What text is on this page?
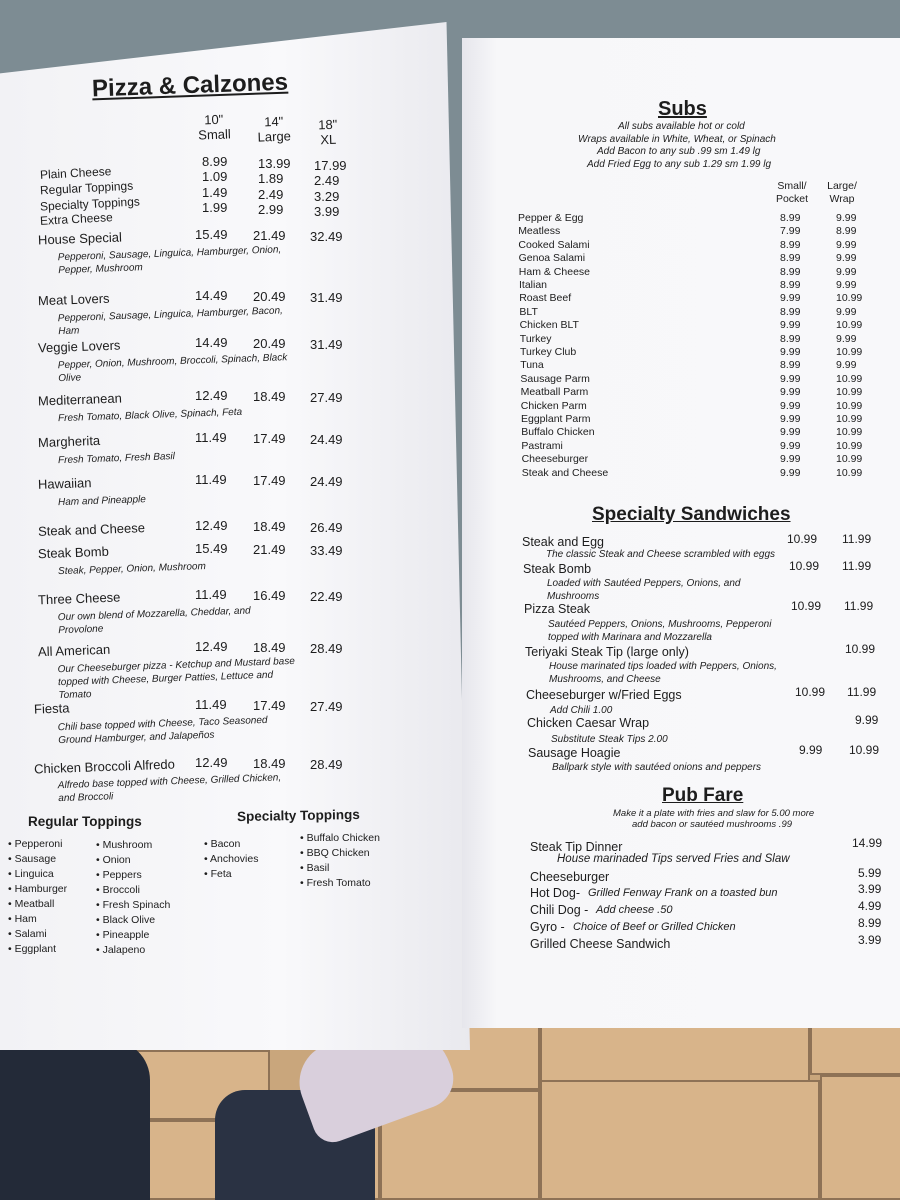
Pizza & Calzones
10" Small
14" Large
18" XL
Plain Cheese
8.99 13.99 17.99
Regular Toppings
1.09 1.89 2.49
Specialty Toppings
1.49 2.49 3.29
Extra Cheese
1.99 2.99 3.99
House Special	15.49 21.49 32.49
Pepperoni, Sausage, Linguica, Hamburger, Onion, Pepper, Mushroom
Meat Lovers	14.49 20.49 31.49
Pepperoni, Sausage, Linguica, Hamburger, Bacon, Ham
Veggie Lovers	14.49 20.49 31.49
Pepper, Onion, Mushroom, Broccoli, Spinach, Black Olive
Mediterranean	12.49 18.49 27.49
Fresh Tomato, Black Olive, Spinach, Feta
Margherita	11.49 17.49 24.49
Fresh Tomato, Fresh Basil
Hawaiian	11.49 17.49 24.49
Ham and Pineapple
Steak and Cheese	12.49 18.49 26.49
Steak Bomb	15.49 21.49 33.49
Steak, Pepper, Onion, Mushroom
Three Cheese	11.49 16.49 22.49
Our own blend of Mozzarella, Cheddar, and Provolone
All American	12.49 18.49 28.49
Our Cheeseburger pizza - Ketchup and Mustard base topped with Cheese, Burger Patties, Lettuce and Tomato
Fiesta	11.49 17.49 27.49
Chili base topped with Cheese, Taco Seasoned Ground Hamburger, and Jalapeños
Chicken Broccoli Alfredo 12.49 18.49 28.49
Alfredo base topped with Cheese, Grilled Chicken, and Broccoli
Regular Toppings	Specialty Toppings
• Pepperoni
• Sausage
• Linguica
• Hamburger
• Meatball
• Ham
• Salami
• Eggplant
• Mushroom
• Onion
• Peppers
• Broccoli
• Fresh Spinach
• Black Olive
• Pineapple
• Jalapeno
• Bacon
• Anchovies
• Feta
• Buffalo Chicken
• BBQ Chicken
• Basil
• Fresh Tomato
Subs
All subs available hot or cold
Wraps available in White, Wheat, or Spinach
Add Bacon to any sub .99 sm 1.49 lg
Add Fried Egg to any sub 1.29 sm 1.99 lg
Small/ Pocket
Large/ Wrap
Pepper & Egg	8.99	9.99
Meatless	7.99	8.99
Cooked Salami	8.99	9.99
Genoa Salami	8.99	9.99
Ham & Cheese	8.99	9.99
Italian	8.99	9.99
Roast Beef	9.99	10.99
BLT	8.99	9.99
Chicken BLT	9.99	10.99
Turkey	8.99	9.99
Turkey Club	9.99	10.99
Tuna	8.99	9.99
Sausage Parm	9.99	10.99
Meatball Parm	9.99	10.99
Chicken Parm	9.99	10.99
Eggplant Parm	9.99	10.99
Buffalo Chicken	9.99	10.99
Pastrami	9.99	10.99
Cheeseburger	9.99	10.99
Steak and Cheese	9.99	10.99
Specialty Sandwiches
Steak and Egg	10.99 11.99
The classic Steak and Cheese scrambled with eggs
Steak Bomb	10.99 11.99
Loaded with Sautéed Peppers, Onions, and Mushrooms
Pizza Steak	10.99 11.99
Sautéed Peppers, Onions, Mushrooms, Pepperoni topped with Marinara and Mozzarella
Teriyaki Steak Tip (large only)	10.99
House marinated tips loaded with Peppers, Onions, Mushrooms, and Cheese
Cheeseburger w/Fried Eggs	10.99 11.99
Add Chili 1.00
Chicken Caesar Wrap	9.99
Substitute Steak Tips 2.00
Sausage Hoagie	9.99 10.99
Ballpark style with sautéed onions and peppers
Pub Fare
Make it a plate with fries and slaw for 5.00 more
add bacon or sautéed mushrooms .99
Steak Tip Dinner	14.99
House marinaded Tips served Fries and Slaw
Cheeseburger	5.99
Hot Dog-	3.99
Grilled Fenway Frank on a toasted bun
Chili Dog -	4.99
Add cheese .50
Gyro -	8.99
Choice of Beef or Grilled Chicken
Grilled Cheese Sandwich	3.99
